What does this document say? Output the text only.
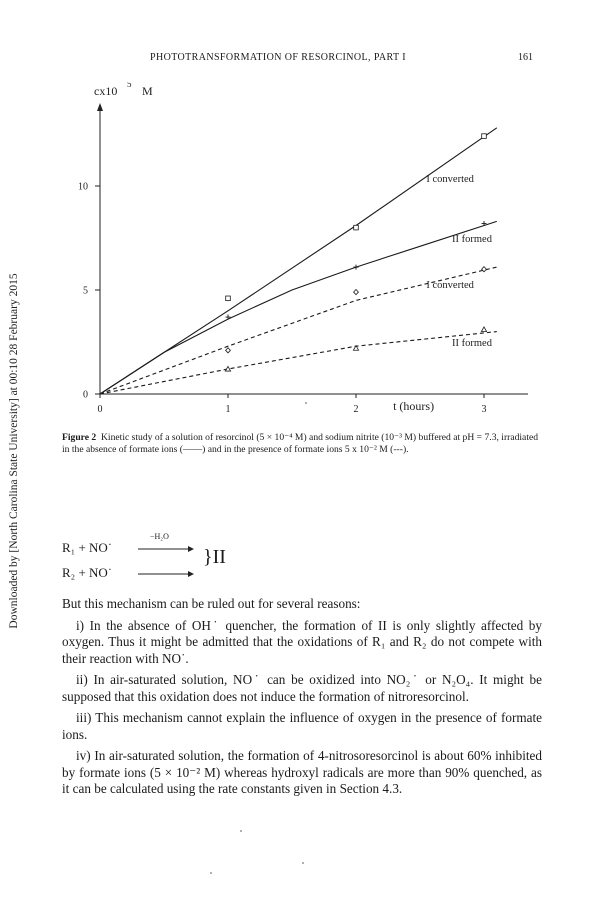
Downloaded by [North Carolina State University] at 00:10 28 February 2015
PHOTOTRANSFORMATION OF RESORCINOL, PART I	161
0
5
10
0	1	2	3
cx10 5 M
t (hours)
I converted
II formed
I converted
II formed
Figure 2 Kinetic study of a solution of resorcinol (5 × 10⁻⁴ M) and sodium nitrite (10⁻³ M) buffered at pH = 7.3, irradiated in the absence of formate ions (——) and in the presence of formate ions 5 x 10⁻² M (---).
R₁ + NO˙
R₂ + NO˙
−H₂O
}II

But this mechanism can be ruled out for several reasons:

i) In the absence of OH˙ quencher, the formation of II is only slightly affected by oxygen. Thus it might be admitted that the oxidations of R₁ and R₂ do not compete with their reaction with NO˙.

ii) In air-saturated solution, NO˙ can be oxidized into NO₂˙ or N₂O₄. It might be supposed that this oxidation does not induce the formation of nitroresorcinol.

iii) This mechanism cannot explain the influence of oxygen in the presence of formate ions.

iv) In air-saturated solution, the formation of 4-nitrosoresorcinol is about 60% inhibited by formate ions (5 × 10⁻² M) whereas hydroxyl radicals are more than 90% quenched, as it can be calculated using the rate constants given in Section 4.3.
